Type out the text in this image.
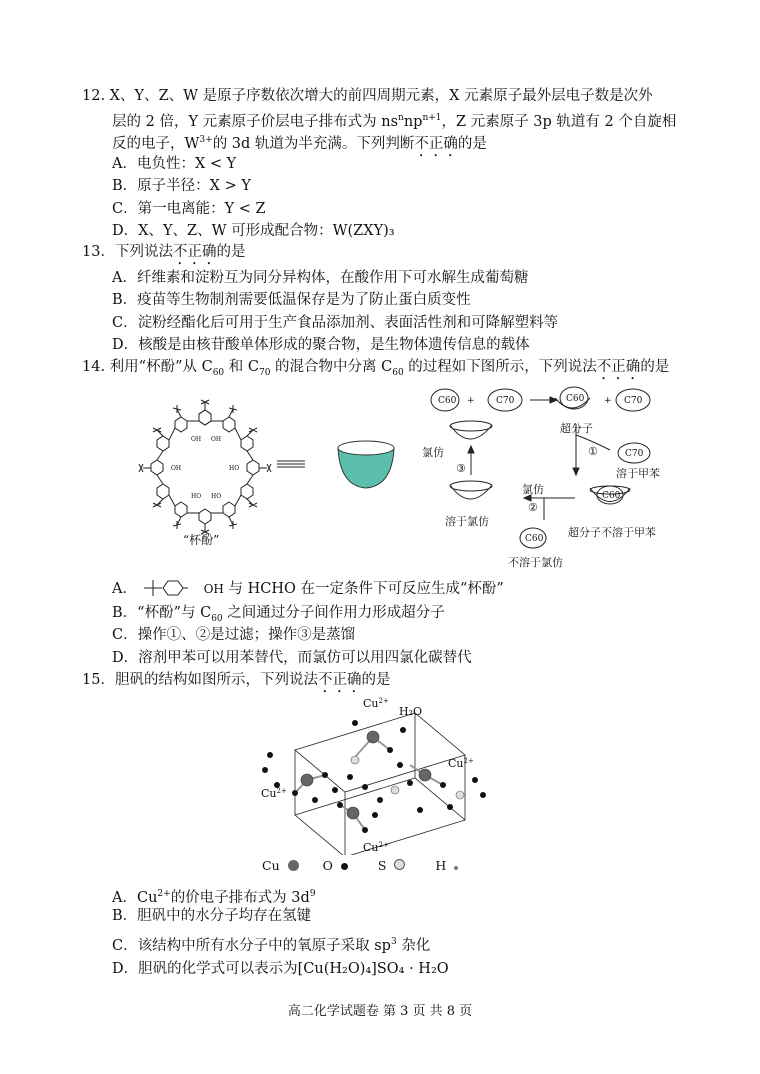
12. X、Y、Z、W 是原子序数依次增大的前四周期元素，X 元素原子最外层电子数是次外
层的 2 倍，Y 元素原子价层电子排布式为 $ns^nnp^{n+1}$，Z 元素原子 3p 轨道有 2 个自旋相
反的电子，$W^{3+}$的 3d 轨道为半充满。下列判断不正确的是
A．电负性：X < Y
B．原子半径：X > Y
C．第一电离能：Y < Z
D．X、Y、Z、W 可形成配合物：W(ZXY)₃
13．下列说法不正确的是
A．纤维素和淀粉互为同分异构体，在酸作用下可水解生成葡萄糖
B．疫苗等生物制剂需要低温保存是为了防止蛋白质变性
C．淀粉经酯化后可用于生产食品添加剂、表面活性剂和可降解塑料等
D．核酸是由核苷酸单体形成的聚合物，是生物体遗传信息的载体
14. 利用“杯酚”从 $C_{60}$ 和 $C_{70}$ 的混合物中分离 $C_{60}$ 的过程如下图所示，下列说法不正确的是
OH OH
OH	HO
HO HO
“杯酚”
C60 + C70	C60 + C70
超分子
①	C70
溶于甲苯
C60
超分子不溶于甲苯
氯仿
②
溶于氯仿
C60
不溶于氯仿
③
氯仿
A．	OH 与 HCHO 在一定条件下可反应生成“杯酚”
B．“杯酚”与 $C_{60}$ 之间通过分子间作用力形成超分子
C．操作①、②是过滤；操作③是蒸馏
D．溶剂甲苯可以用苯替代，而氯仿可以用四氯化碳替代
15．胆矾的结构如图所示，下列说法不正确的是
$Cu^{2+}$
H₂O
$Cu^{2+}$
$Cu^{2+}$
$Cu^{2+}$
Cu	O	S	H
A．$Cu^{2+}$的价电子排布式为 $3d^9$
B．胆矾中的水分子均存在氢键
C．该结构中所有水分子中的氧原子采取 $sp^3$ 杂化
D．胆矾的化学式可以表示为[Cu(H₂O)₄]SO₄ · H₂O
高二化学试题卷 第 3 页 共 8 页
